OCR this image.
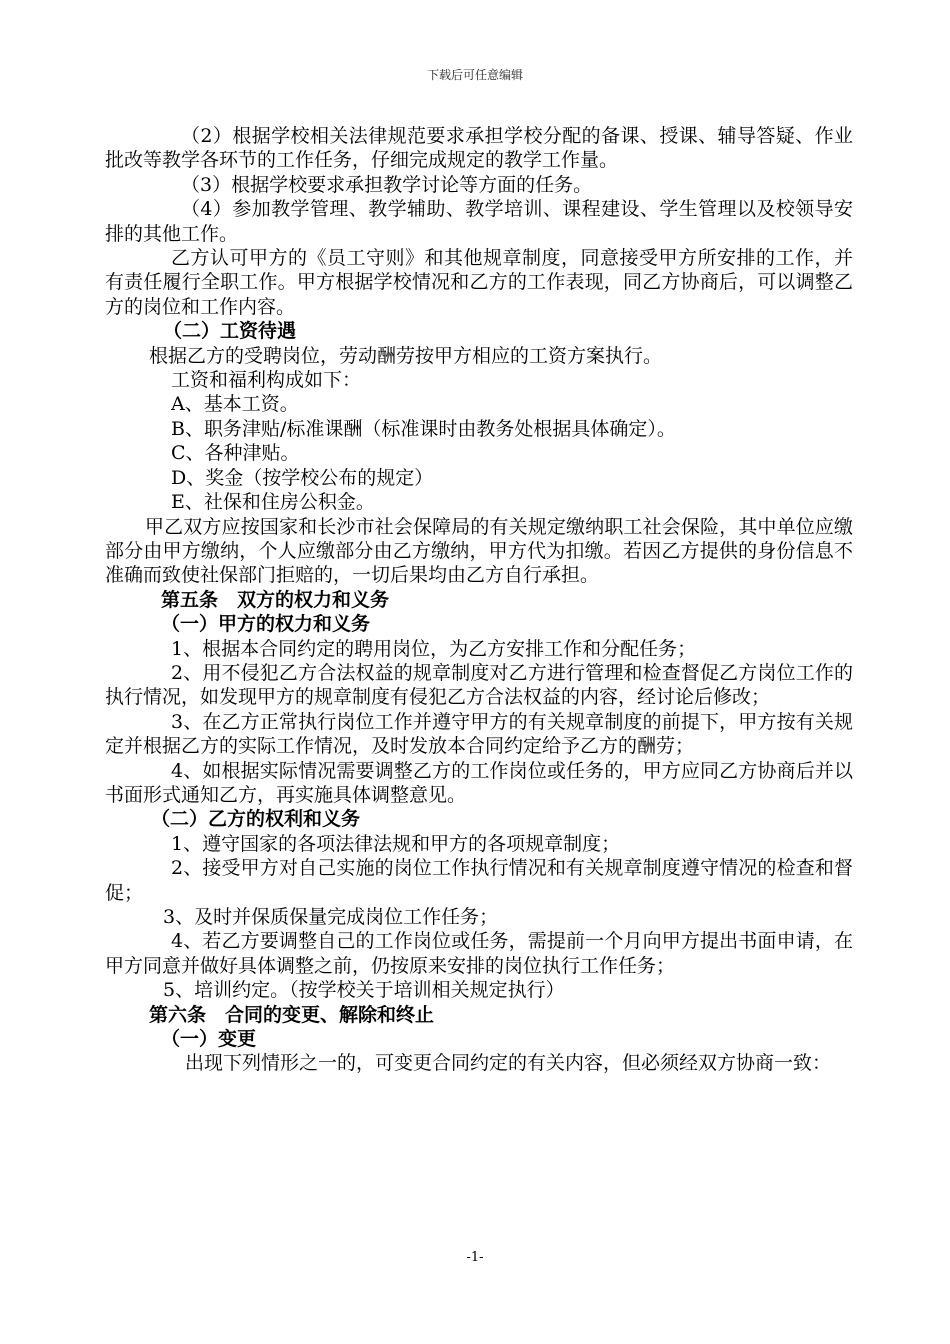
下载后可任意编辑

（2）根据学校相关法律规范要求承担学校分配的备课、授课、辅导答疑、作业批改等教学各环节的工作任务，仔细完成规定的教学工作量。

（3）根据学校要求承担教学讨论等方面的任务。

（4）参加教学管理、教学辅助、教学培训、课程建设、学生管理以及校领导安排的其他工作。

乙方认可甲方的《员工守则》和其他规章制度，同意接受甲方所安排的工作，并有责任履行全职工作。甲方根据学校情况和乙方的工作表现，同乙方协商后，可以调整乙方的岗位和工作内容。

（二）工资待遇

根据乙方的受聘岗位，劳动酬劳按甲方相应的工资方案执行。

工资和福利构成如下：

A、基本工资。

B、职务津贴/标准课酬（标准课时由教务处根据具体确定）。

C、各种津贴。

D、奖金（按学校公布的规定）

E、社保和住房公积金。

甲乙双方应按国家和长沙市社会保障局的有关规定缴纳职工社会保险，其中单位应缴部分由甲方缴纳，个人应缴部分由乙方缴纳，甲方代为扣缴。若因乙方提供的身份信息不准确而致使社保部门拒赔的，一切后果均由乙方自行承担。

第五条　双方的权力和义务

（一）甲方的权力和义务

1、根据本合同约定的聘用岗位，为乙方安排工作和分配任务；

2、用不侵犯乙方合法权益的规章制度对乙方进行管理和检查督促乙方岗位工作的执行情况，如发现甲方的规章制度有侵犯乙方合法权益的内容，经讨论后修改；

3、在乙方正常执行岗位工作并遵守甲方的有关规章制度的前提下，甲方按有关规定并根据乙方的实际工作情况，及时发放本合同约定给予乙方的酬劳；

4、如根据实际情况需要调整乙方的工作岗位或任务的，甲方应同乙方协商后并以书面形式通知乙方，再实施具体调整意见。

（二）乙方的权利和义务

1、遵守国家的各项法律法规和甲方的各项规章制度；

2、接受甲方对自己实施的岗位工作执行情况和有关规章制度遵守情况的检查和督促；

3、及时并保质保量完成岗位工作任务；

4、若乙方要调整自己的工作岗位或任务，需提前一个月向甲方提出书面申请，在甲方同意并做好具体调整之前，仍按原来安排的岗位执行工作任务；

5、培训约定。（按学校关于培训相关规定执行）

第六条　合同的变更、解除和终止

（一）变更

出现下列情形之一的，可变更合同约定的有关内容，但必须经双方协商一致：

-1-
